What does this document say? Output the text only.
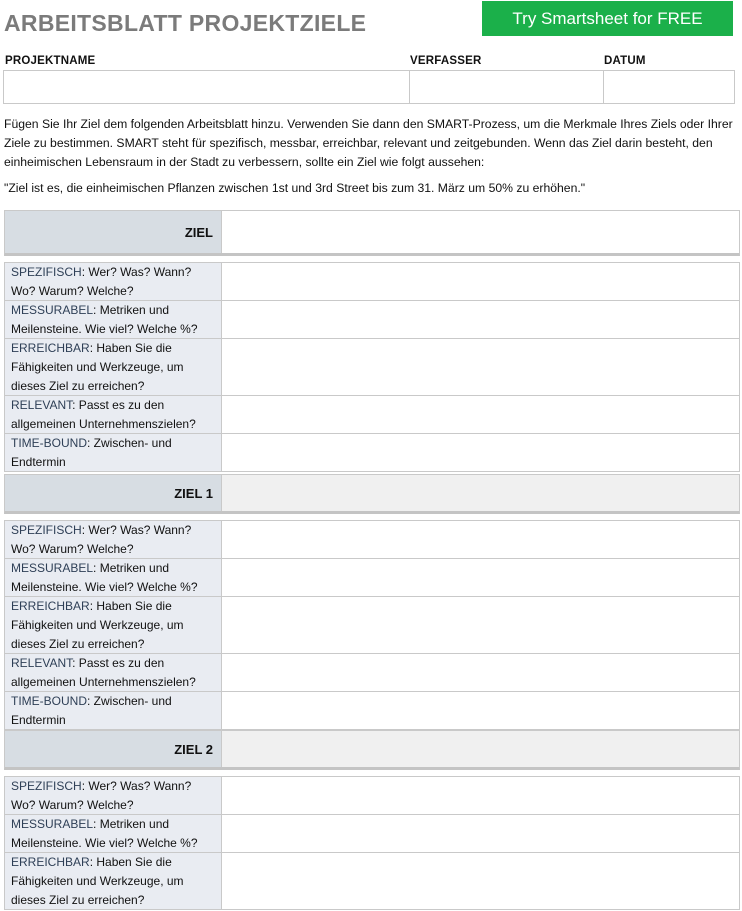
ARBEITSBLATT PROJEKTZIELE	Try Smartsheet for FREE
PROJEKTNAME	VERFASSER	DATUM
Fügen Sie Ihr Ziel dem folgenden Arbeitsblatt hinzu. Verwenden Sie dann den SMART-Prozess, um die Merkmale Ihres Ziels oder Ihrer Ziele zu bestimmen. SMART steht für spezifisch, messbar, erreichbar, relevant und zeitgebunden. Wenn das Ziel darin besteht, den einheimischen Lebensraum in der Stadt zu verbessern, sollte ein Ziel wie folgt aussehen:
"Ziel ist es, die einheimischen Pflanzen zwischen 1st und 3rd Street bis zum 31. März um 50% zu erhöhen."
ZIEL
SPEZIFISCH: Wer? Was? Wann? Wo? Warum? Welche?
MESSURABEL: Metriken und Meilensteine. Wie viel? Welche %?
ERREICHBAR: Haben Sie die Fähigkeiten und Werkzeuge, um dieses Ziel zu erreichen?
RELEVANT: Passt es zu den allgemeinen Unternehmenszielen?
TIME-BOUND: Zwischen- und Endtermin
ZIEL 1
SPEZIFISCH: Wer? Was? Wann? Wo? Warum? Welche?
MESSURABEL: Metriken und Meilensteine. Wie viel? Welche %?
ERREICHBAR: Haben Sie die Fähigkeiten und Werkzeuge, um dieses Ziel zu erreichen?
RELEVANT: Passt es zu den allgemeinen Unternehmenszielen?
TIME-BOUND: Zwischen- und Endtermin
ZIEL 2
SPEZIFISCH: Wer? Was? Wann? Wo? Warum? Welche?
MESSURABEL: Metriken und Meilensteine. Wie viel? Welche %?
ERREICHBAR: Haben Sie die Fähigkeiten und Werkzeuge, um dieses Ziel zu erreichen?
